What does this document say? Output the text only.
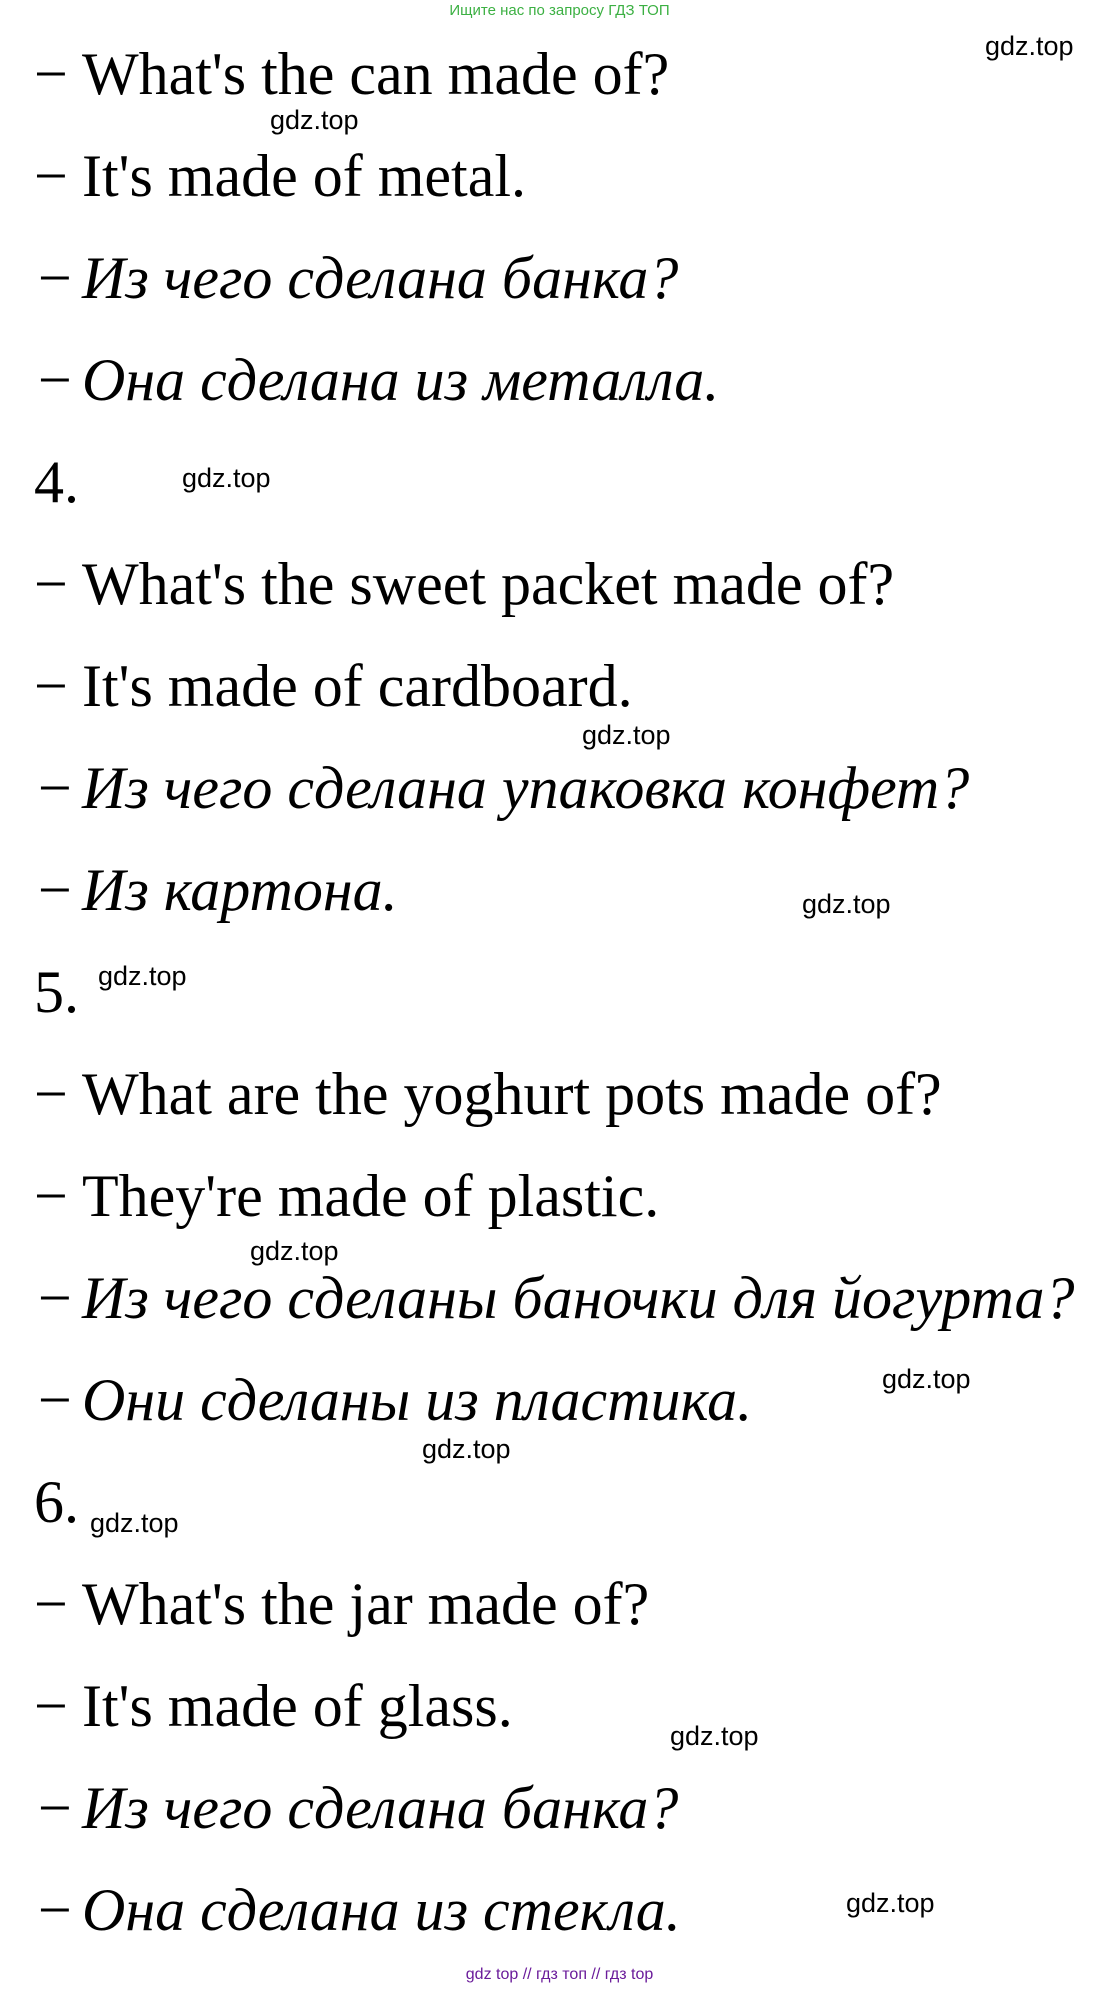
Ищите нас по запросу ГДЗ ТОП
− What's the can made of?
− It's made of metal.
− Из чего сделана банка?
− Она сделана из металла.
4.
− What's the sweet packet made of?
− It's made of cardboard.
− Из чего сделана упаковка конфет?
− Из картона.
5.
− What are the yoghurt pots made of?
− They're made of plastic.
− Из чего сделаны баночки для йогурта?
− Они сделаны из пластика.
6.
− What's the jar made of?
− It's made of glass.
− Из чего сделана банка?
− Она сделана из стекла.
gdz.top
gdz.top
gdz.top
gdz.top
gdz.top
gdz.top
gdz.top
gdz.top
gdz.top
gdz.top
gdz.top
gdz.top
gdz top // гдз топ // гдз top
